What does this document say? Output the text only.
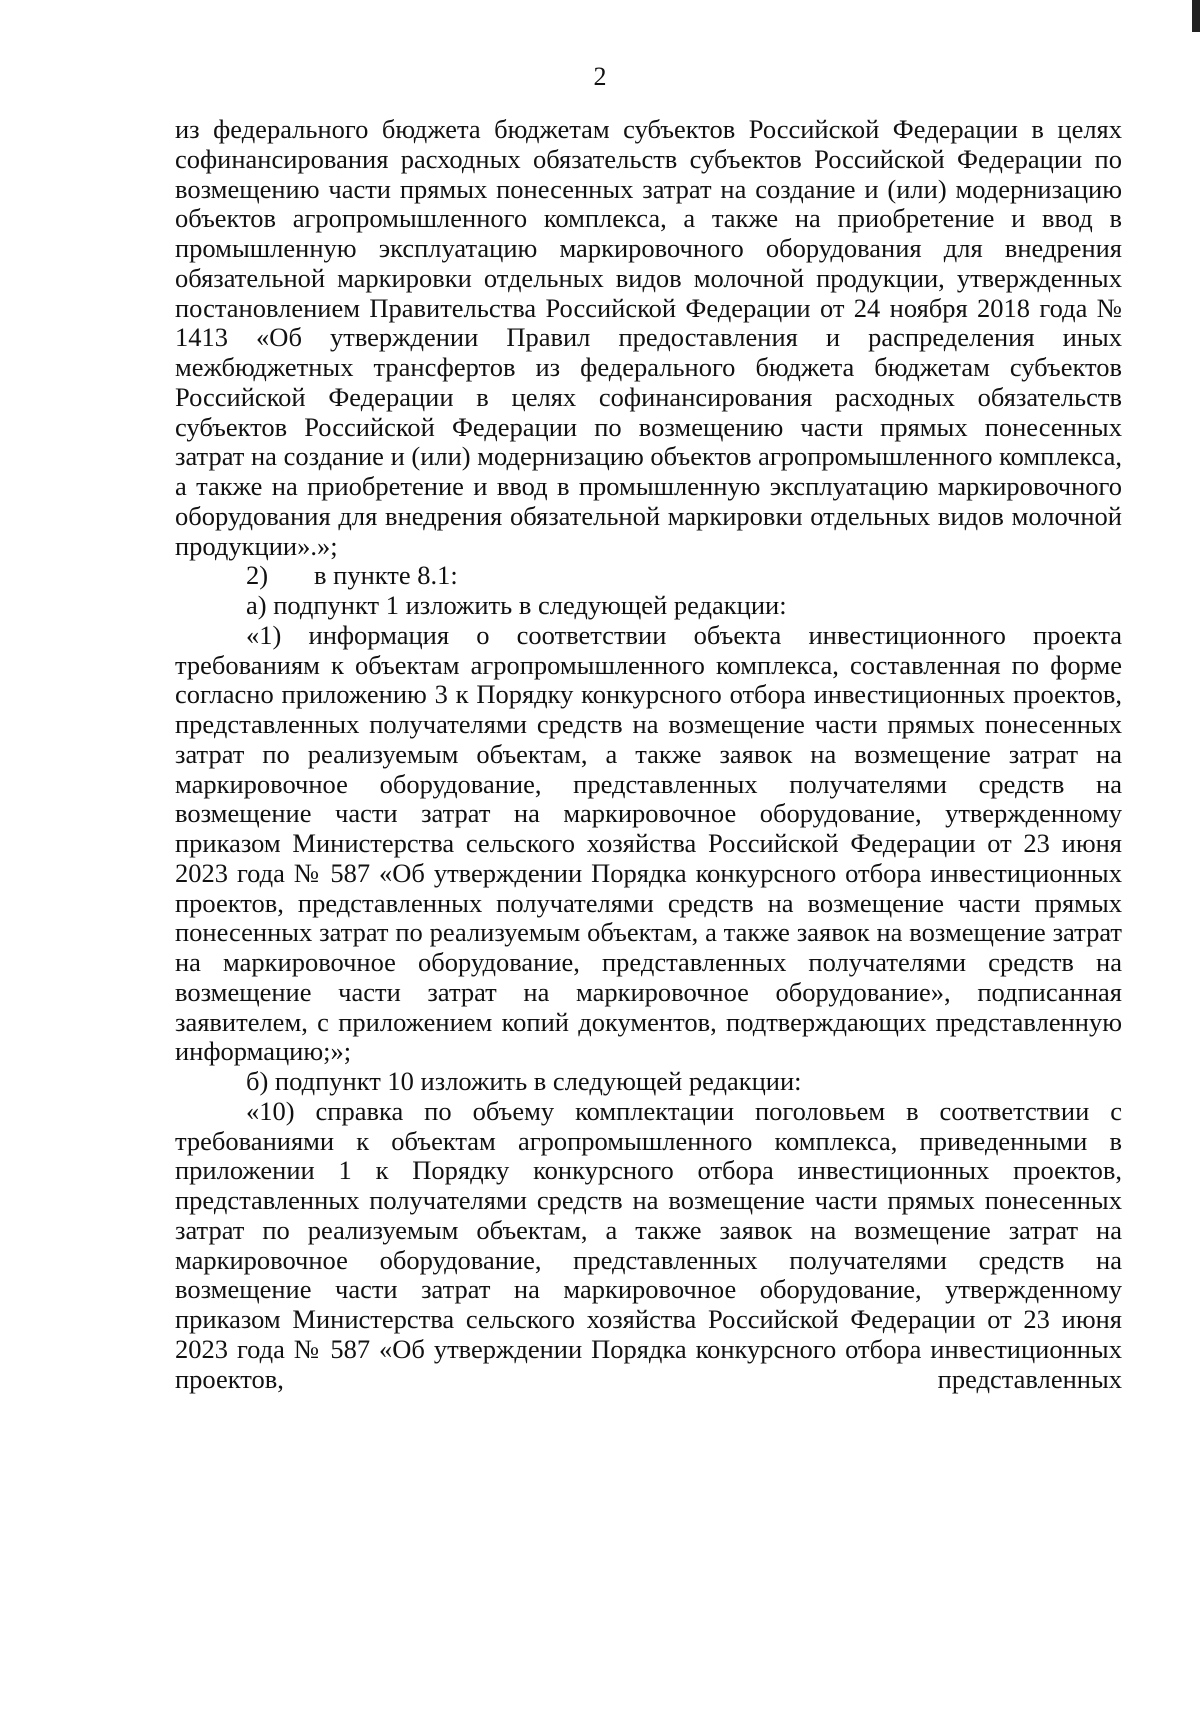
2

из федерального бюджета бюджетам субъектов Российской Федерации в целях софинансирования расходных обязательств субъектов Российской Федерации по возмещению части прямых понесенных затрат на создание и (или) модернизацию объектов агропромышленного комплекса, а также на приобретение и ввод в промышленную эксплуатацию маркировочного оборудования для внедрения обязательной маркировки отдельных видов молочной продукции, утвержденных постановлением Правительства Российской Федерации от 24 ноября 2018 года № 1413 «Об утверждении Правил предоставления и распределения иных межбюджетных трансфертов из федерального бюджета бюджетам субъектов Российской Федерации в целях софинансирования расходных обязательств субъектов Российской Федерации по возмещению части прямых понесенных затрат на создание и (или) модернизацию объектов агропромышленного комплекса, а также на приобретение и ввод в промышленную эксплуатацию маркировочного оборудования для внедрения обязательной маркировки отдельных видов молочной продукции».»;

2) в пункте 8.1:

а) подпункт 1 изложить в следующей редакции:

«1) информация о соответствии объекта инвестиционного проекта требованиям к объектам агропромышленного комплекса, составленная по форме согласно приложению 3 к Порядку конкурсного отбора инвестиционных проектов, представленных получателями средств на возмещение части прямых понесенных затрат по реализуемым объектам, а также заявок на возмещение затрат на маркировочное оборудование, представленных получателями средств на возмещение части затрат на маркировочное оборудование, утвержденному приказом Министерства сельского хозяйства Российской Федерации от 23 июня 2023 года № 587 «Об утверждении Порядка конкурсного отбора инвестиционных проектов, представленных получателями средств на возмещение части прямых понесенных затрат по реализуемым объектам, а также заявок на возмещение затрат на маркировочное оборудование, представленных получателями средств на возмещение части затрат на маркировочное оборудование», подписанная заявителем, с приложением копий документов, подтверждающих представленную информацию;»;

б) подпункт 10 изложить в следующей редакции:

«10) справка по объему комплектации поголовьем в соответствии с требованиями к объектам агропромышленного комплекса, приведенными в приложении 1 к Порядку конкурсного отбора инвестиционных проектов, представленных получателями средств на возмещение части прямых понесенных затрат по реализуемым объектам, а также заявок на возмещение затрат на маркировочное оборудование, представленных получателями средств на возмещение части затрат на маркировочное оборудование, утвержденному приказом Министерства сельского хозяйства Российской Федерации от 23 июня 2023 года № 587 «Об утверждении Порядка конкурсного отбора инвестиционных проектов, представленных
